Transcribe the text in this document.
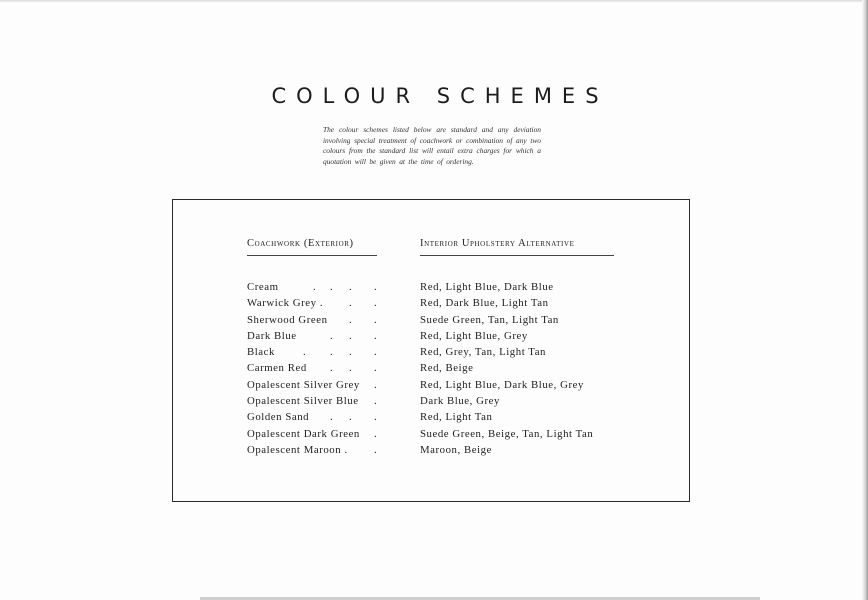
COLOUR SCHEMES
The colour schemes listed below are standard and any deviation involving special treatment of coachwork or combination of any two colours from the standard list will entail extra charges for which a quotation will be given at the time of ordering.
Coachwork (Exterior)	Interior Upholstery Alternative
. . .
.
Cream	Red, Light Blue, Dark Blue
. .
Warwick Grey .	Red, Dark Blue, Light Tan
. .
Sherwood Green	Suede Green, Tan, Light Tan
. . .
Dark Blue	Red, Light Blue, Grey
. . . .
Black	Red, Grey, Tan, Light Tan
. . .
Carmen Red	Red, Beige
.
Opalescent Silver Grey	Red, Light Blue, Dark Blue, Grey
.
Opalescent Silver Blue	Dark Blue, Grey
. . .
Golden Sand	Red, Light Tan
.
Opalescent Dark Green	Suede Green, Beige, Tan, Light Tan
.
Opalescent Maroon .	Maroon, Beige
